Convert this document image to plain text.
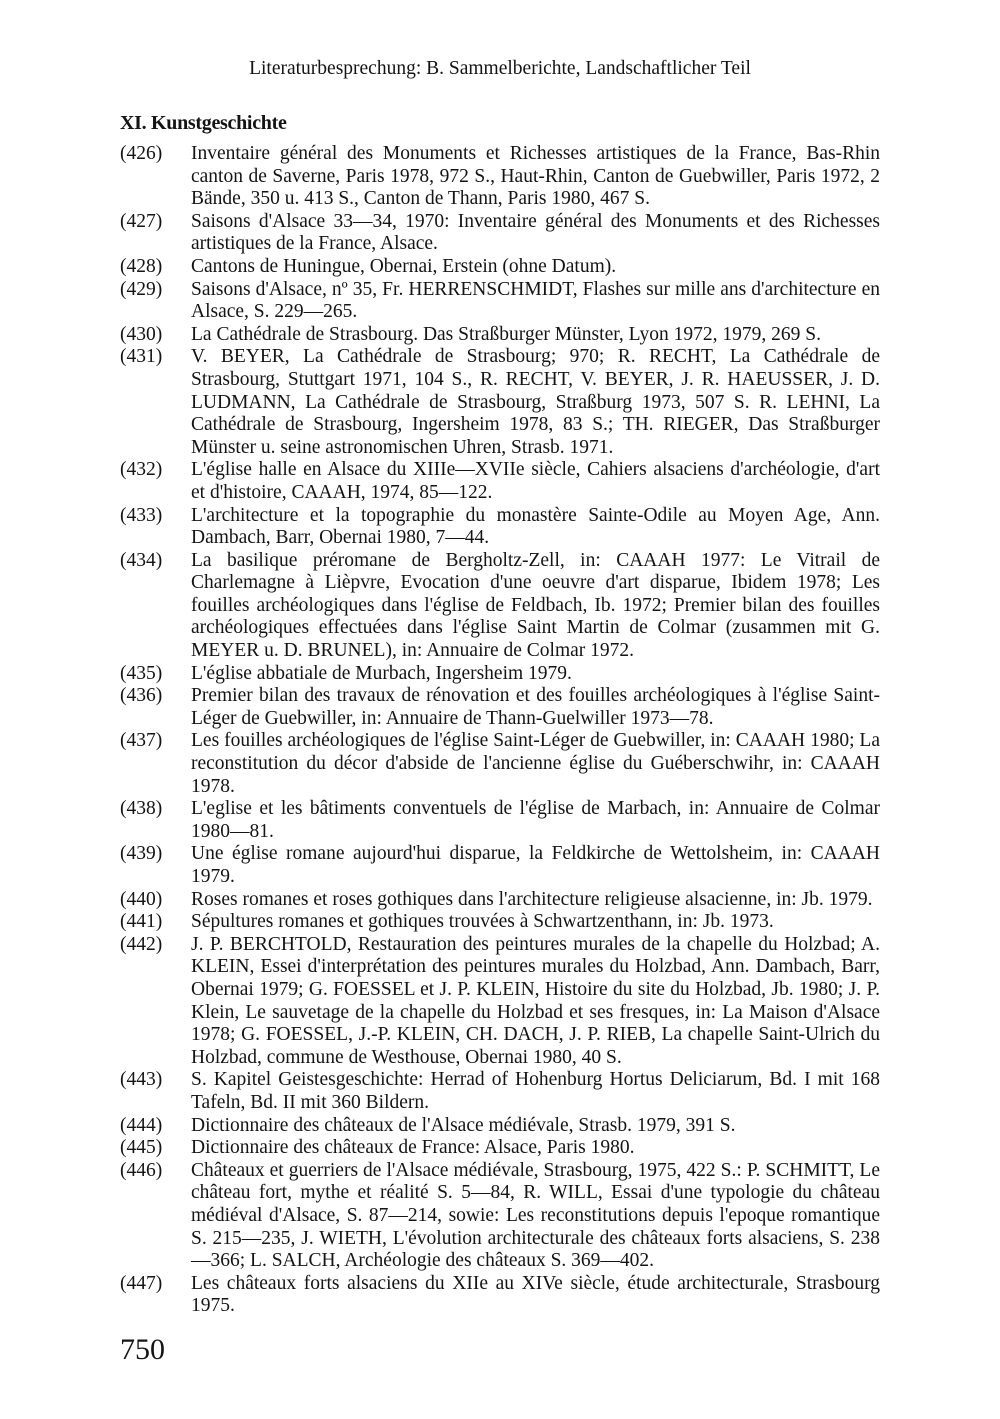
Literaturbesprechung: B. Sammelberichte, Landschaftlicher Teil
XI. Kunstgeschichte
(426) Inventaire général des Monuments et Richesses artistiques de la France, Bas-Rhin canton de Saverne, Paris 1978, 972 S., Haut-Rhin, Canton de Guebwiller, Paris 1972, 2 Bände, 350 u. 413 S., Canton de Thann, Paris 1980, 467 S.
(427) Saisons d'Alsace 33—34, 1970: Inventaire général des Monuments et des Richesses artistiques de la France, Alsace.
(428) Cantons de Huningue, Obernai, Erstein (ohne Datum).
(429) Saisons d'Alsace, nº 35, Fr. HERRENSCHMIDT, Flashes sur mille ans d'architecture en Alsace, S. 229—265.
(430) La Cathédrale de Strasbourg. Das Straßburger Münster, Lyon 1972, 1979, 269 S.
(431) V. BEYER, La Cathédrale de Strasbourg; 970; R. RECHT, La Cathédrale de Strasbourg, Stuttgart 1971, 104 S., R. RECHT, V. BEYER, J. R. HAEUSSER, J. D. LUDMANN, La Cathédrale de Strasbourg, Straßburg 1973, 507 S. R. LEHNI, La Cathédrale de Strasbourg, Ingersheim 1978, 83 S.; TH. RIEGER, Das Straßburger Münster u. seine astronomischen Uhren, Strasb. 1971.
(432) L'église halle en Alsace du XIIIe—XVIIe siècle, Cahiers alsaciens d'archéologie, d'art et d'histoire, CAAAH, 1974, 85—122.
(433) L'architecture et la topographie du monastère Sainte-Odile au Moyen Age, Ann. Dambach, Barr, Obernai 1980, 7—44.
(434) La basilique préromane de Bergholtz-Zell, in: CAAAH 1977: Le Vitrail de Charlemagne à Lièpvre, Evocation d'une oeuvre d'art disparue, Ibidem 1978; Les fouilles archéologiques dans l'église de Feldbach, Ib. 1972; Premier bilan des fouilles archéologiques effectuées dans l'église Saint Martin de Colmar (zusammen mit G. MEYER u. D. BRUNEL), in: Annuaire de Colmar 1972.
(435) L'église abbatiale de Murbach, Ingersheim 1979.
(436) Premier bilan des travaux de rénovation et des fouilles archéologiques à l'église Saint-Léger de Guebwiller, in: Annuaire de Thann-Guelwiller 1973—78.
(437) Les fouilles archéologiques de l'église Saint-Léger de Guebwiller, in: CAAAH 1980; La reconstitution du décor d'abside de l'ancienne église du Guéberschwihr, in: CAAAH 1978.
(438) L'eglise et les bâtiments conventuels de l'église de Marbach, in: Annuaire de Colmar 1980—81.
(439) Une église romane aujourd'hui disparue, la Feldkirche de Wettolsheim, in: CAAAH 1979.
(440) Roses romanes et roses gothiques dans l'architecture religieuse alsacienne, in: Jb. 1979.
(441) Sépultures romanes et gothiques trouvées à Schwartzenthann, in: Jb. 1973.
(442) J. P. BERCHTOLD, Restauration des peintures murales de la chapelle du Holzbad; A. KLEIN, Essei d'interprétation des peintures murales du Holzbad, Ann. Dambach, Barr, Obernai 1979; G. FOESSEL et J. P. KLEIN, Histoire du site du Holzbad, Jb. 1980; J. P. Klein, Le sauvetage de la chapelle du Holzbad et ses fresques, in: La Maison d'Alsace 1978; G. FOESSEL, J.-P. KLEIN, CH. DACH, J. P. RIEB, La chapelle Saint-Ulrich du Holzbad, commune de Westhouse, Obernai 1980, 40 S.
(443) S. Kapitel Geistesgeschichte: Herrad of Hohenburg Hortus Deliciarum, Bd. I mit 168 Tafeln, Bd. II mit 360 Bildern.
(444) Dictionnaire des châteaux de l'Alsace médiévale, Strasb. 1979, 391 S.
(445) Dictionnaire des châteaux de France: Alsace, Paris 1980.
(446) Châteaux et guerriers de l'Alsace médiévale, Strasbourg, 1975, 422 S.: P. SCHMITT, Le château fort, mythe et réalité S. 5—84, R. WILL, Essai d'une typologie du château médiéval d'Alsace, S. 87—214, sowie: Les reconstitutions depuis l'epoque romantique S. 215—235, J. WIETH, L'évolution architecturale des châteaux forts alsaciens, S. 238—366; L. SALCH, Archéologie des châteaux S. 369—402.
(447) Les châteaux forts alsaciens du XIIe au XIVe siècle, étude architecturale, Strasbourg 1975.
750
